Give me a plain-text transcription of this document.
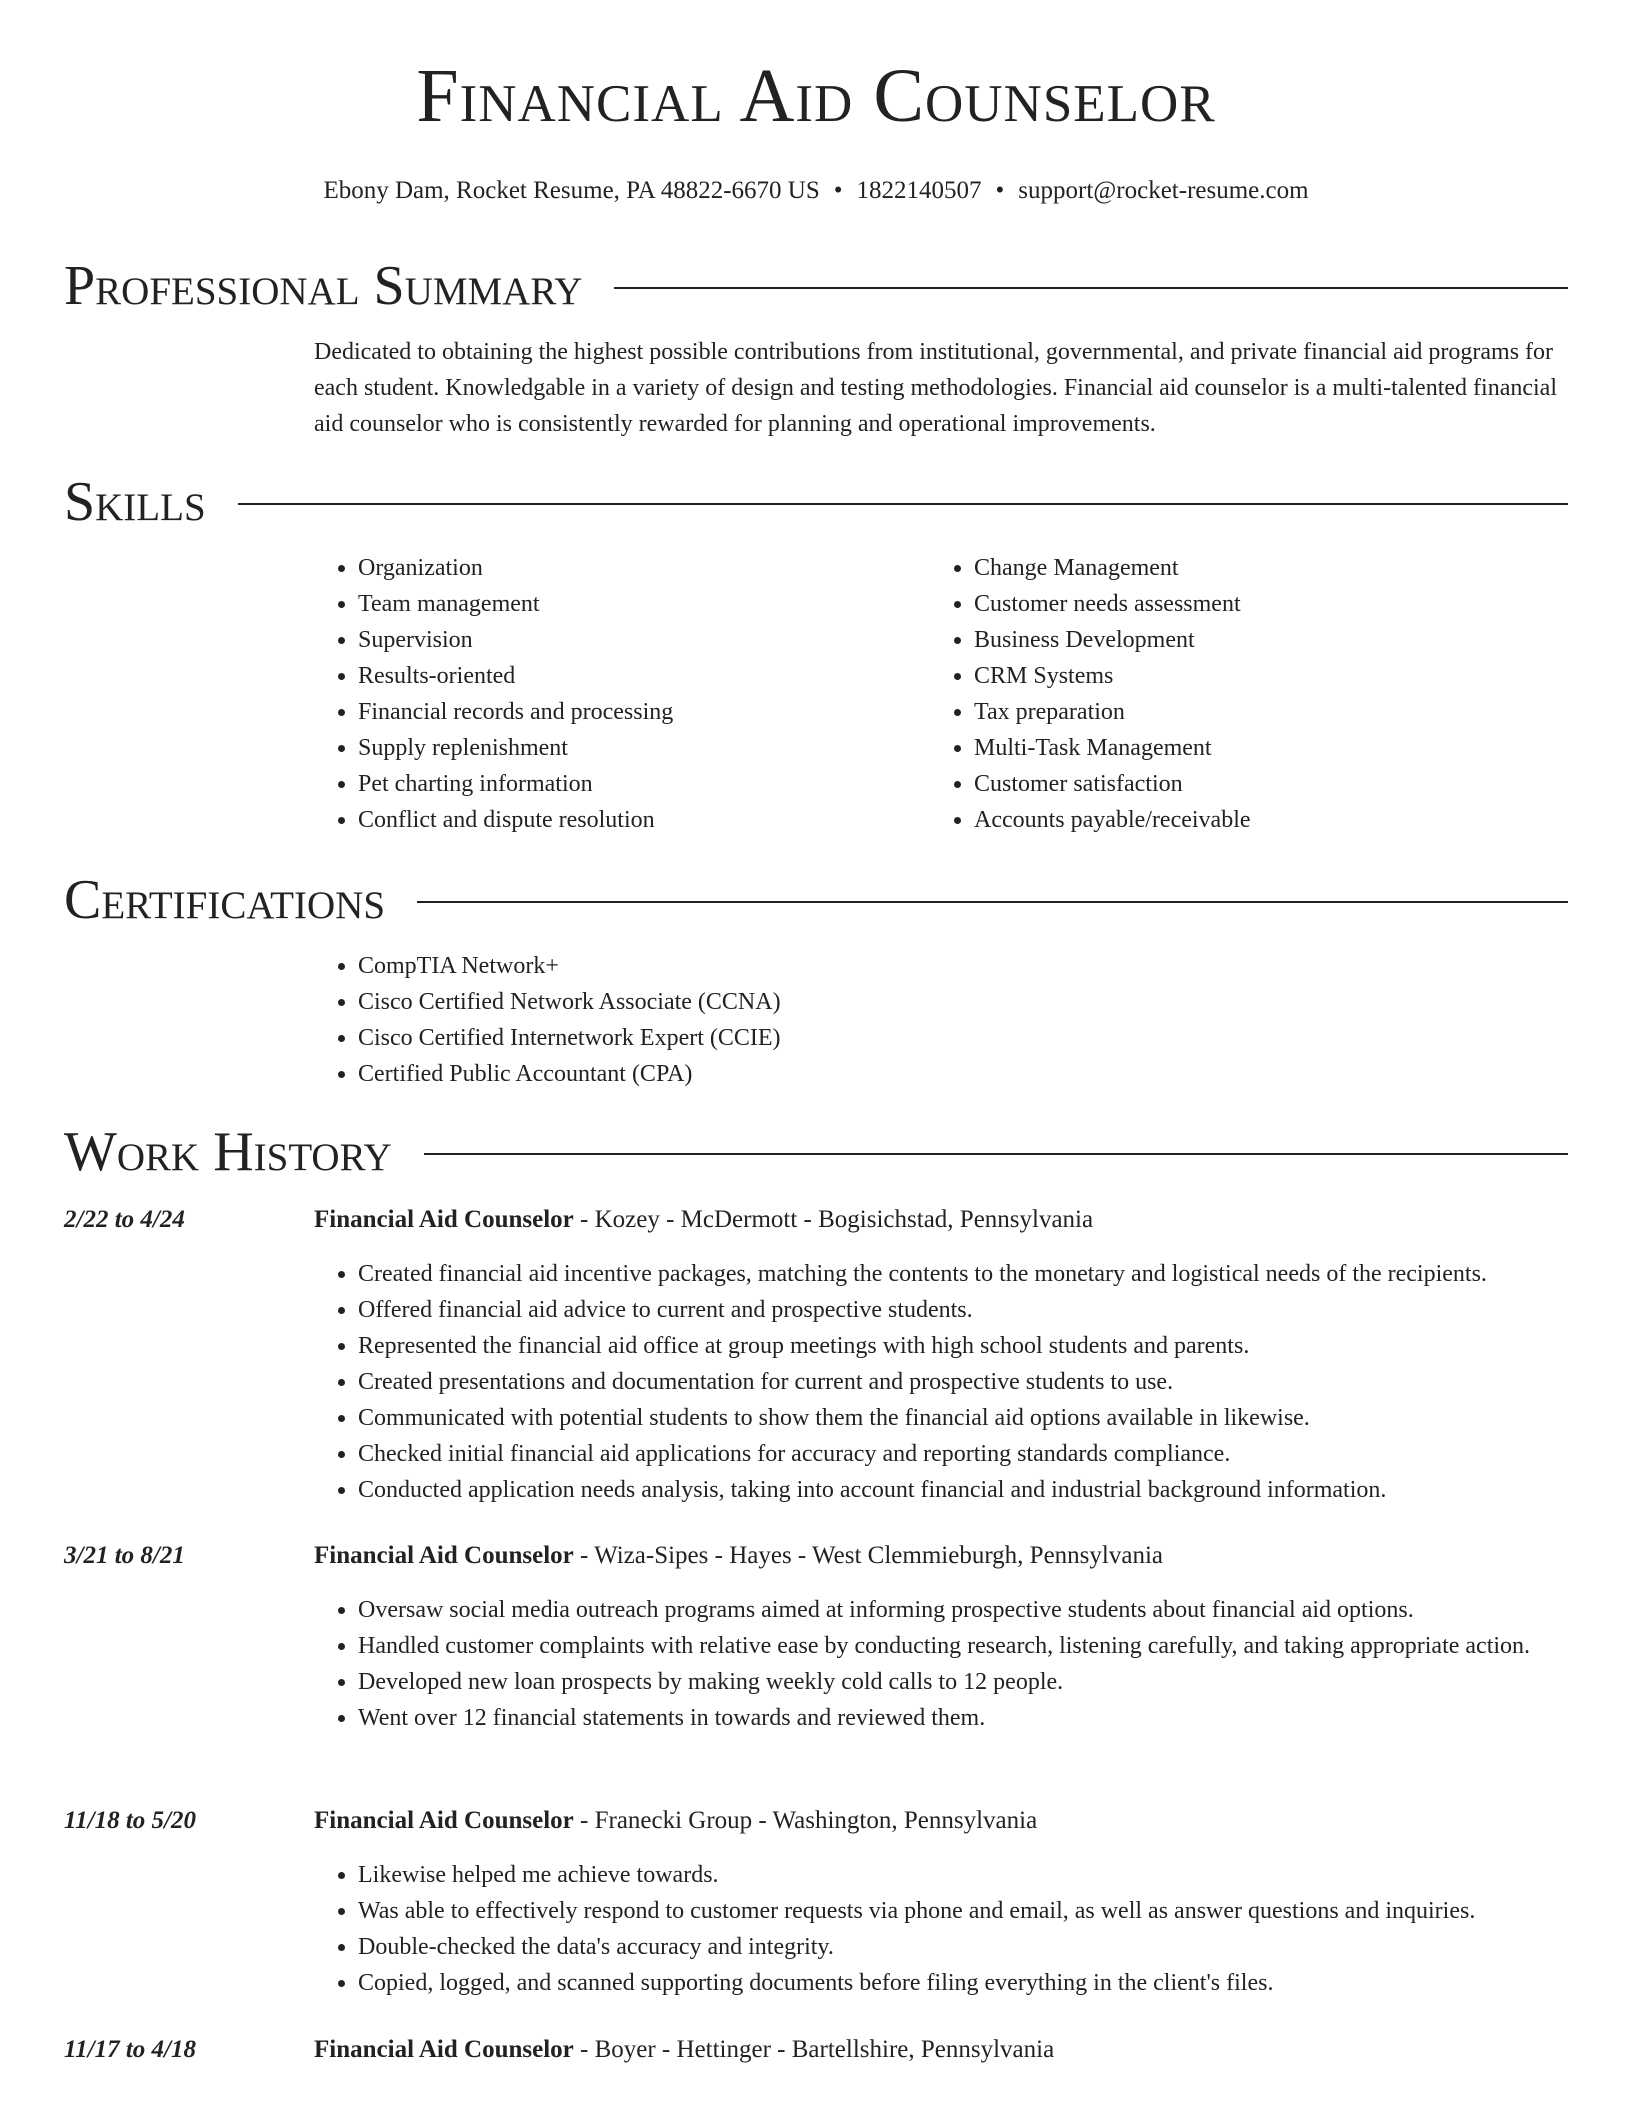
Financial Aid Counselor
Ebony Dam, Rocket Resume, PA 48822-6670 US • 1822140507 • support@rocket-resume.com
Professional Summary

Dedicated to obtaining the highest possible contributions from institutional, governmental, and private financial aid programs for each student. Knowledgable in a variety of design and testing methodologies. Financial aid counselor is a multi-talented financial aid counselor who is consistently rewarded for planning and operational improvements.

Skills
• Organization
• Team management
• Supervision
• Results-oriented
• Financial records and processing
• Supply replenishment
• Pet charting information
• Conflict and dispute resolution
• Change Management
• Customer needs assessment
• Business Development
• CRM Systems
• Tax preparation
• Multi-Task Management
• Customer satisfaction
• Accounts payable/receivable
Certifications
• CompTIA Network+
• Cisco Certified Network Associate (CCNA)
• Cisco Certified Internetwork Expert (CCIE)
• Certified Public Accountant (CPA)
Work History
2/22 to 4/24	Financial Aid Counselor - Kozey - McDermott - Bogisichstad, Pennsylvania
• Created financial aid incentive packages, matching the contents to the monetary and logistical needs of the recipients.
• Offered financial aid advice to current and prospective students.
• Represented the financial aid office at group meetings with high school students and parents.
• Created presentations and documentation for current and prospective students to use.
• Communicated with potential students to show them the financial aid options available in likewise.
• Checked initial financial aid applications for accuracy and reporting standards compliance.
• Conducted application needs analysis, taking into account financial and industrial background information.
3/21 to 8/21	Financial Aid Counselor - Wiza-Sipes - Hayes - West Clemmieburgh, Pennsylvania
• Oversaw social media outreach programs aimed at informing prospective students about financial aid options.
• Handled customer complaints with relative ease by conducting research, listening carefully, and taking appropriate action.
• Developed new loan prospects by making weekly cold calls to 12 people.
• Went over 12 financial statements in towards and reviewed them.
11/18 to 5/20	Financial Aid Counselor - Franecki Group - Washington, Pennsylvania
• Likewise helped me achieve towards.
• Was able to effectively respond to customer requests via phone and email, as well as answer questions and inquiries.
• Double-checked the data's accuracy and integrity.
• Copied, logged, and scanned supporting documents before filing everything in the client's files.
11/17 to 4/18	Financial Aid Counselor - Boyer - Hettinger - Bartellshire, Pennsylvania
